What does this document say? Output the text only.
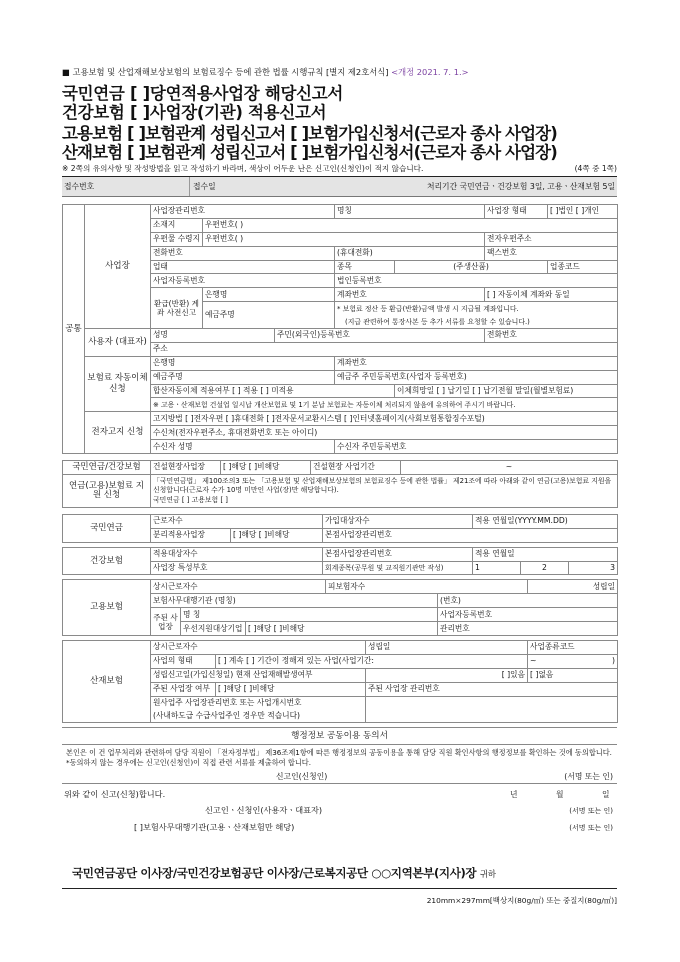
■ 고용보험 및 산업재해보상보험의 보험료징수 등에 관한 법률 시행규칙 [별지 제2호서식] <개정 2021. 7. 1.>
국민연금 [ ]당연적용사업장 해당신고서
건강보험 [ ]사업장(기관) 적용신고서
고용보험 [ ]보험관계 성립신고서 [ ]보험가입신청서(근로자 종사 사업장)
산재보험 [ ]보험관계 성립신고서 [ ]보험가입신청서(근로자 종사 사업장)
※ 2쪽의 유의사항 및 작성방법을 읽고 작성하기 바라며, 색상이 어두운 난은 신고인(신청인)이 적지 않습니다.	(4쪽 중 1쪽)
접수번호	접수일	처리기간 국민연금ㆍ건강보험 3일, 고용ㆍ산재보험 5일
공통	사업장	사업장관리번호			명칭		사업장 형태	[ ]법인 [ ]개인
		소재지	우편번호( )					
		우편물 수령지	우편번호( )				전자우편주소	
		전화번호			(휴대전화)		팩스번호	
		업태			종목	(주생산품)		업종코드
		사업자등록번호			법인등록번호			
		환급(반환) 계좌 사전신고	은행명		계좌번호		[ ] 자동이체 계좌와 동일	
			예금주명		* 보험료 정산 등 환급(반환)금액 발생 시 지급될 계좌입니다.			
					(지급 관련하여 통장사본 등 추가 서류를 요청할 수 있습니다.)			
	사용자 (대표자)	성명		주민(외국인)등록번호			전화번호	
		주소						
	보험료 자동이체신청	은행명			계좌번호			
		예금주명			예금주 주민등록번호(사업자 등록번호)			
		합산자동이체 적용여부 [ ] 적용 [ ] 미적용				이체희망일 [ ] 납기일 [ ] 납기전월 말일(월별보험료)		
		※ 고용ㆍ산재보험 건설업 일시납 개산보험료 및 1기 분납 보험료는 자동이체 처리되지 않음에 유의하여 주시기 바랍니다.						
	전자고지 신청	고지방법 [ ]전자우편 [ ]휴대전화 [ ]전자문서교환시스템 [ ]인터넷홈페이지(사회보험통합징수포털)						
		수신처(전자우편주소, 휴대전화번호 또는 아이디)						
		수신자 성명			수신자 주민등록번호			
국민연금/건강보험	건설현장사업장	[ ]해당 [ ]비해당	건설현장 사업기간	~
연금(고용)보험료 지원 신청	「국민연금법」 제100조의3 또는 「고용보험 및 산업재해보상보험의 보험료징수 등에 관한 법률」 제21조에 따라 아래와 같이 연금(고용)보험료 지원을 신청합니다(근로자 수가 10명 미만인 사업(장)만 해당합니다).
국민연금 [ ] 고용보험 [ ]			
국민연금	근로자수		가입대상자수	적용 연월일(YYYY.MM.DD)
	분리적용사업장	[ ]해당 [ ]비해당	본점사업장관리번호	
건강보험	적용대상자수	본점사업장관리번호	적용 연월일		
	사업장 특성부호	회계종목(공무원 및 교직원기관만 작성)	1	2	3
고용보험	상시근로자수			피보험자수		성립일
	보험사무대행기관 (명칭)				(번호)	
	주된 사업장	명 칭			사업자등록번호	
		우선지원대상기업	[ ]해당 [ ]비해당		관리번호	
산재보험	상시근로자수		성립일	사업종류코드
	사업의 형태	[ ] 계속 [ ] 기간이 정해져 있는 사업(사업기간:		~ )

	성립신고일(가입신청일) 현재 산업재해발생여부		[ ]있음	[ ]없음
	주된 사업장 여부	[ ]해당 [ ]비해당	주된 사업장 관리번호	
	원사업주 사업장관리번호 또는 사업개시번호			
	(사내하도급 수급사업주인 경우만 적습니다)			
행정정보 공동이용 동의서
본인은 이 건 업무처리와 관련하여 담당 직원이 「전자정부법」 제36조제1항에 따른 행정정보의 공동이용을 통해 담당 직원 확인사항의 행정정보를 확인하는 것에 동의합니다. *동의하지 않는 경우에는 신고인(신청인)이 직접 관련 서류를 제출하여 합니다.
신고인(신청인)	(서명 또는 인)
위와 같이 신고(신청)합니다.	년	월	일
신고인ㆍ신청인(사용자ㆍ대표자)	(서명 또는 인)
[ ]보험사무대행기관(고용ㆍ산재보험만 해당)	(서명 또는 인)
국민연금공단 이사장/국민건강보험공단 이사장/근로복지공단 ○○지역본부(지사)장 귀하
210mm×297mm[백상지(80g/㎡) 또는 중질지(80g/㎡)]
